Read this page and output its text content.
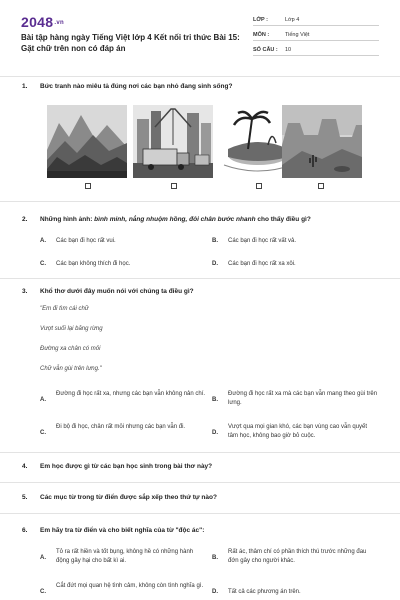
2048.vn
Bài tập hàng ngày Tiếng Việt lớp 4 Kết nối tri thức Bài 15:
Gặt chữ trên non có đáp án
LỚP :	Lớp 4
MÔN :	Tiếng Việt
SỐ CÂU : 10
1. Bức tranh nào miêu tả đúng nơi các bạn nhỏ đang sinh sống?
2. Những hình ảnh: bình minh, nắng nhuộm hồng, đôi chân bước nhanh cho thấy điều gì?
A. Các bạn đi học rất vui.	B. Các bạn đi học rất vất vả.
C. Các bạn không thích đi học.	D. Các bạn đi học rất xa xôi.
3. Khổ thơ dưới đây muốn nói với chúng ta điều gì?
"Em đi tìm cái chữ
Vượt suối lại băng rừng
Đường xa chân có mỏi
Chữ vẫn gùi trên lưng."
A.
Đường đi học rất xa, nhưng các bạn vẫn không nản chí.
B.
Đường đi học rất xa mà các bạn vẫn mang theo gùi trên lưng.
C.
Đi bộ đi học, chân rất mỏi nhưng các bạn vẫn đi.
D.
Vượt qua mọi gian khó, các bạn vùng cao vẫn quyết tâm học, không bao giờ bỏ cuộc.
4. Em học được gì từ các bạn học sinh trong bài thơ này?
5. Các mục từ trong từ điển được sắp xếp theo thứ tự nào?
6. Em hãy tra từ điển và cho biết nghĩa của từ "độc ác":
A.
Tỏ ra rất hiền và tốt bụng, không hề có những hành động gây hại cho bất kì ai.	B.
Rất ác, thâm chí có phần thích thú trước những đau đớn gây cho người khác.
C.
Cắt đứt mọi quan hệ tình cảm, không còn tình nghĩa gì.
D. Tất cả các phương án trên.
